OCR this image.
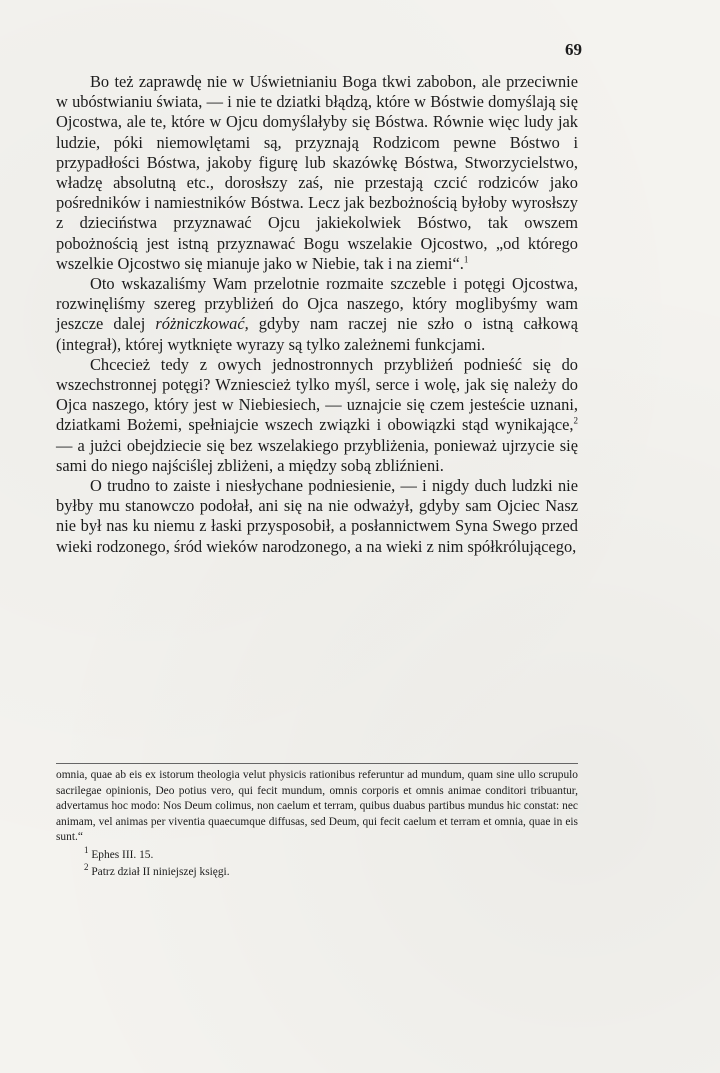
69

Bo też zaprawdę nie w Uświetnianiu Boga tkwi zabobon, ale przeciwnie w ubóstwianiu świata, — i nie te dziatki błądzą, które w Bóstwie domyślają się Ojcostwa, ale te, które w Ojcu domyślałyby się Bóstwa. Równie więc ludy jak ludzie, póki niemowlętami są, przyznają Rodzicom pewne Bóstwo i przypadłości Bóstwa, jakoby figurę lub skazówkę Bóstwa, Stworzycielstwo, władzę absolutną etc., dorosłszy zaś, nie przestają czcić rodziców jako pośredników i namiestników Bóstwa. Lecz jak bezbożnością byłoby wyrosłszy z dzieciństwa przyznawać Ojcu jakiekolwiek Bóstwo, tak owszem pobożnością jest istną przyznawać Bogu wszelakie Ojcostwo, „od którego wszelkie Ojcostwo się mianuje jako w Niebie, tak i na ziemi“.$^1$

Oto wskazaliśmy Wam przelotnie rozmaite szczeble i potęgi Ojcostwa, rozwinęliśmy szereg przybliżeń do Ojca naszego, który moglibyśmy wam jeszcze dalej różniczkować, gdyby nam raczej nie szło o istną całkową (integrał), której wytknięte wyrazy są tylko zależnemi funkcjami.

Chcecież tedy z owych jednostronnych przybliżeń podnieść się do wszechstronnej potęgi? Wzniescież tylko myśl, serce i wolę, jak się należy do Ojca naszego, który jest w Niebiesiech, — uznajcie się czem jesteście uznani, dziatkami Bożemi, spełniajcie wszech związki i obowiązki stąd wynikające,$^2$ — a jużci obejdziecie się bez wszelakiego przybliżenia, ponieważ ujrzycie się sami do niego najściślej zbliżeni, a między sobą zbliźnieni.

O trudno to zaiste i niesłychane podniesienie, — i nigdy duch ludzki nie byłby mu stanowczo podołał, ani się na nie odważył, gdyby sam Ojciec Nasz nie był nas ku niemu z łaski przysposobił, a posłannictwem Syna Swego przed wieki rodzonego, śród wieków narodzonego, a na wieki z nim spółkrólującego,

omnia, quae ab eis ex istorum theologia velut physicis rationibus referuntur ad mundum, quam sine ullo scrupulo sacrilegae opinionis, Deo potius vero, qui fecit mundum, omnis corporis et omnis animae conditori tribuantur, advertamus hoc modo: Nos Deum colimus, non caelum et terram, quibus duabus partibus mundus hic constat: nec animam, vel animas per viventia quaecumque diffusas, sed Deum, qui fecit caelum et terram et omnia, quae in eis sunt.“

$^1$ Ephes III. 15.

$^2$ Patrz dział II niniejszej księgi.
